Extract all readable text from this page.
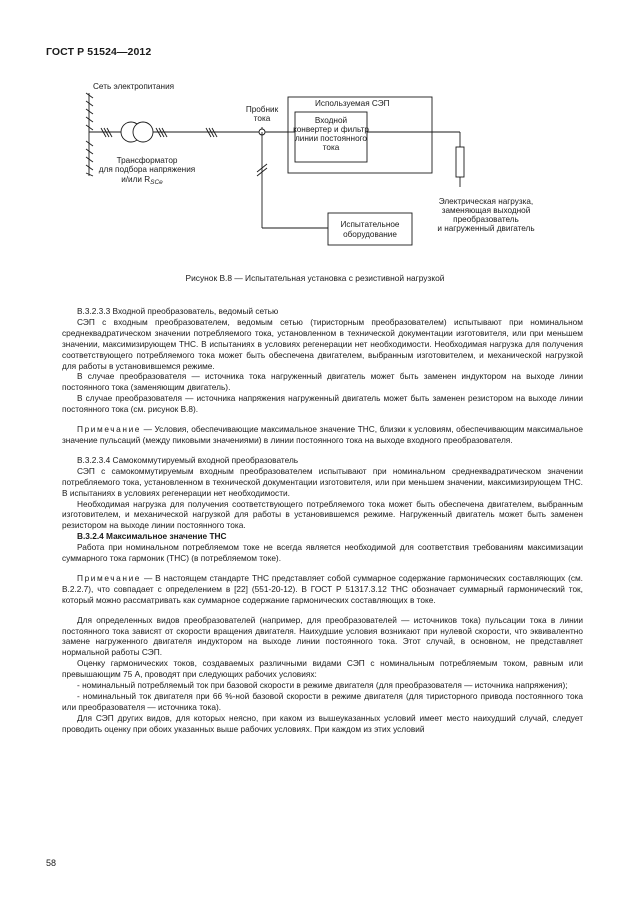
ГОСТ Р 51524—2012
Сеть электропитания
Пробник
тока
Используемая СЭП
Входной
конвертер и фильтр
линии постоянного
тока
Трансформатор
для подбора напряжения
и/или $R_{SCe}$
Испытательное
оборудование
Электрическая нагрузка,
заменяющая выходной
преобразователь
и нагруженный двигатель
Рисунок В.8 — Испытательная установка с резистивной нагрузкой

В.3.2.3.3 Входной преобразователь, ведомый сетью

СЭП с входным преобразователем, ведомым сетью (тиристорным преобразователем) испытывают при номинальном среднеквадратическом значении потребляемого тока, установленном в технической документации изготовителя, или при меньшем значении, максимизирующем THC. В испытаниях в условиях регенерации нет необходимости. Необходимая нагрузка для получения соответствующего потребляемого тока может быть обеспечена двигателем, выбранным изготовителем, и механической нагрузкой для работы в установившемся режиме.

В случае преобразователя — источника тока нагруженный двигатель может быть заменен индуктором на выходе линии постоянного тока (заменяющим двигатель).

В случае преобразователя — источника напряжения нагруженный двигатель может быть заменен резистором на выходе линии постоянного тока (см. рисунок В.8).

Примечание — Условия, обеспечивающие максимальное значение THC, близки к условиям, обеспечивающим максимальное значение пульсаций (между пиковыми значениями) в линии постоянного тока на выходе входного преобразователя.

В.3.2.3.4 Самокоммутируемый входной преобразователь

СЭП с самокоммутируемым входным преобразователем испытывают при номинальном среднеквадратическом значении потребляемого тока, установленном в технической документации изготовителя, или при меньшем значении, максимизирующем THC. В испытаниях в условиях регенерации нет необходимости.

Необходимая нагрузка для получения соответствующего потребляемого тока может быть обеспечена двигателем, выбранным изготовителем, и механической нагрузкой для работы в установившемся режиме. Нагруженный двигатель может быть заменен резистором на выходе линии постоянного тока.

В.3.2.4 Максимальное значение THC

Работа при номинальном потребляемом токе не всегда является необходимой для соответствия требованиям максимизации суммарного тока гармоник (THC) (в потребляемом токе).

Примечание — В настоящем стандарте THC представляет собой суммарное содержание гармонических составляющих (см. В.2.2.7), что совпадает с определением в [22] (551-20-12). В ГОСТ Р 51317.3.12 THC обозначает суммарный гармонический ток, который можно рассматривать как суммарное содержание гармонических составляющих в токе.

Для определенных видов преобразователей (например, для преобразователей — источников тока) пульсации тока в линии постоянного тока зависят от скорости вращения двигателя. Наихудшие условия возникают при нулевой скорости, что эквивалентно замене нагруженного двигателя индуктором на выходе линии постоянного тока. Этот случай, в основном, не представляет нормальной работы СЭП.

Оценку гармонических токов, создаваемых различными видами СЭП с номинальным потребляемым током, равным или превышающим 75 А, проводят при следующих рабочих условиях:

- номинальный потребляемый ток при базовой скорости в режиме двигателя (для преобразователя — источника напряжения);

- номинальный ток двигателя при 66 %-ной базовой скорости в режиме двигателя (для тиристорного привода постоянного тока или преобразователя — источника тока).

Для СЭП других видов, для которых неясно, при каком из вышеуказанных условий имеет место наихудший случай, следует проводить оценку при обоих указанных выше рабочих условиях. При каждом из этих условий

58
